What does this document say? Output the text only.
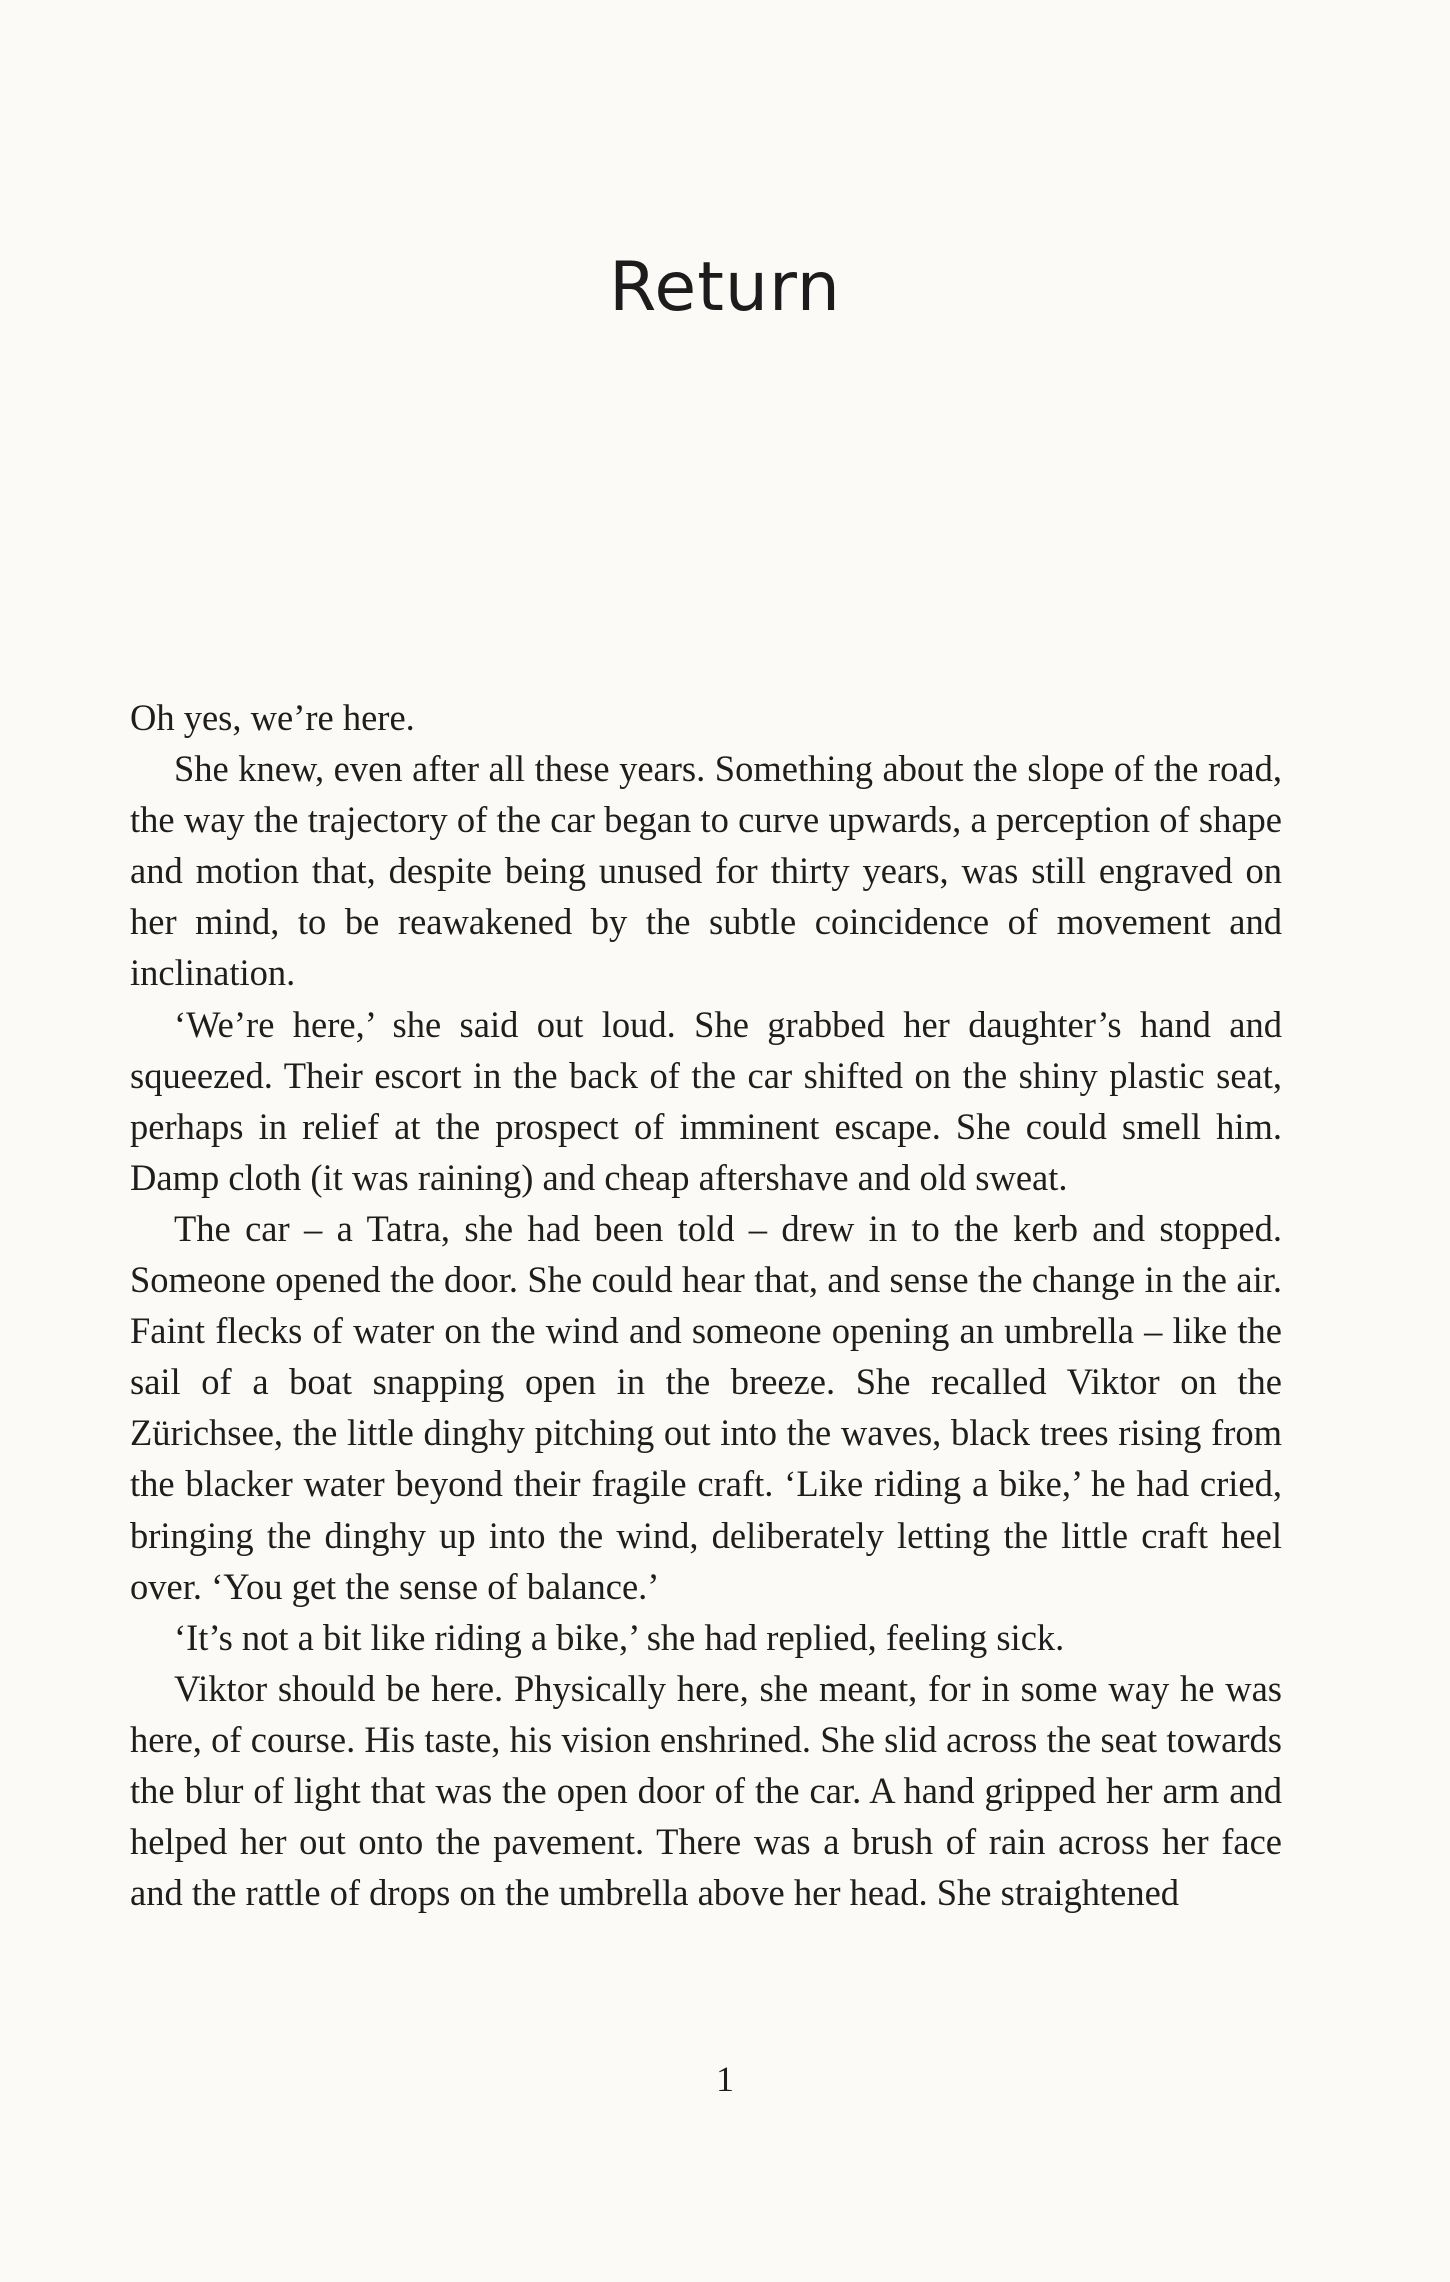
Return

Oh yes, we’re here.

She knew, even after all these years. Something about the slope of the road, the way the trajectory of the car began to curve upwards, a perception of shape and motion that, despite being unused for thirty years, was still engraved on her mind, to be reawakened by the subtle coincidence of movement and inclination.

‘We’re here,’ she said out loud. She grabbed her daughter’s hand and squeezed. Their escort in the back of the car shifted on the shiny plastic seat, perhaps in relief at the prospect of imminent escape. She could smell him. Damp cloth (it was raining) and cheap aftershave and old sweat.

The car – a Tatra, she had been told – drew in to the kerb and stopped. Someone opened the door. She could hear that, and sense the change in the air. Faint flecks of water on the wind and someone opening an umbrella – like the sail of a boat snapping open in the breeze. She recalled Viktor on the Zürichsee, the little dinghy pitching out into the waves, black trees rising from the blacker water beyond their fragile craft. ‘Like riding a bike,’ he had cried, bringing the dinghy up into the wind, deliberately letting the little craft heel over. ‘You get the sense of balance.’

‘It’s not a bit like riding a bike,’ she had replied, feeling sick.

Viktor should be here. Physically here, she meant, for in some way he was here, of course. His taste, his vision enshrined. She slid across the seat towards the blur of light that was the open door of the car. A hand gripped her arm and helped her out onto the pavement. There was a brush of rain across her face and the rattle of drops on the umbrella above her head. She straightened

1
